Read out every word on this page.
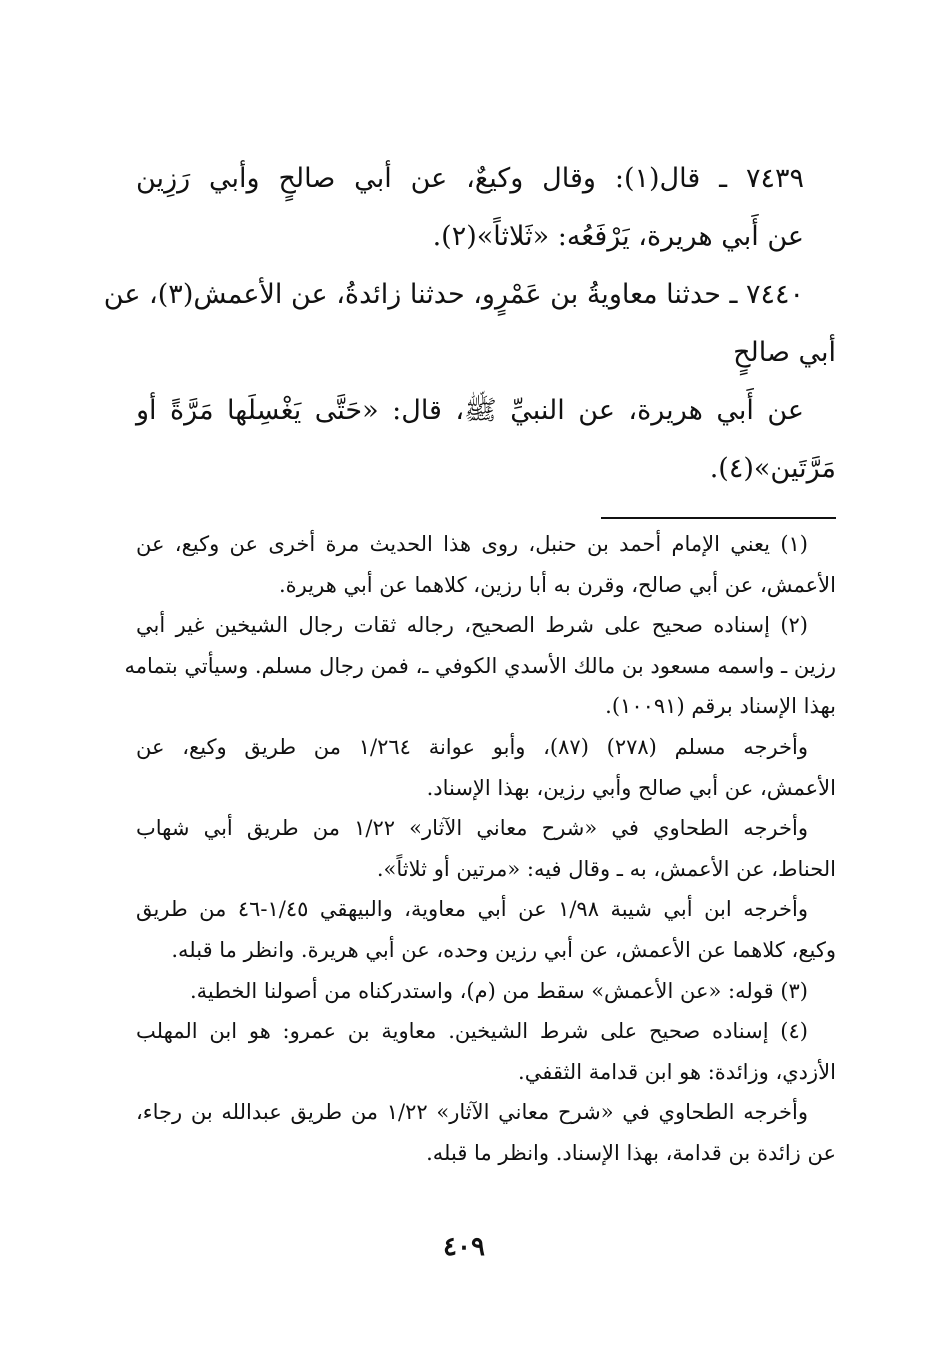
٧٤٣٩ ـ قال(١): وقال وكيعٌ، عن أبي صالحٍ وأبي رَزِين
عن أَبي هريرة، يَرْفَعُه: «ثَلاثاً»(٢).
٧٤٤٠ ـ حدثنا معاويةُ بن عَمْرٍو، حدثنا زائدةُ، عن الأعمش(٣)، عن
أبي صالحٍ
عن أَبي هريرة، عن النبيِّ ﷺ، قال: «حَتَّى يَغْسِلَها مَرَّةً أو
مَرَّتَين»(٤).
(١) يعني الإمام أحمد بن حنبل، روى هذا الحديث مرة أخرى عن وكيع، عن
الأعمش، عن أبي صالح، وقرن به أبا رزين، كلاهما عن أبي هريرة.
(٢) إسناده صحيح على شرط الصحيح، رجاله ثقات رجال الشيخين غير أبي
رزين ـ واسمه مسعود بن مالك الأسدي الكوفي ـ، فمن رجال مسلم. وسيأتي بتمامه
بهذا الإسناد برقم (١٠٠٩١).
وأخرجه مسلم (٢٧٨) (٨٧)، وأبو عوانة ١/٢٦٤ من طريق وكيع، عن
الأعمش، عن أبي صالح وأبي رزين، بهذا الإسناد.
وأخرجه الطحاوي في «شرح معاني الآثار» ١/٢٢ من طريق أبي شهاب
الحناط، عن الأعمش، به ـ وقال فيه: «مرتين أو ثلاثاً».
وأخرجه ابن أبي شيبة ١/٩٨ عن أبي معاوية، والبيهقي ١/٤٥-٤٦ من طريق
وكيع، كلاهما عن الأعمش، عن أبي رزين وحده، عن أبي هريرة. وانظر ما قبله.
(٣) قوله: «عن الأعمش» سقط من (م)، واستدركناه من أصولنا الخطية.
(٤) إسناده صحيح على شرط الشيخين. معاوية بن عمرو: هو ابن المهلب
الأزدي، وزائدة: هو ابن قدامة الثقفي.
وأخرجه الطحاوي في «شرح معاني الآثار» ١/٢٢ من طريق عبدالله بن رجاء،
عن زائدة بن قدامة، بهذا الإسناد. وانظر ما قبله.
٤٠٩
